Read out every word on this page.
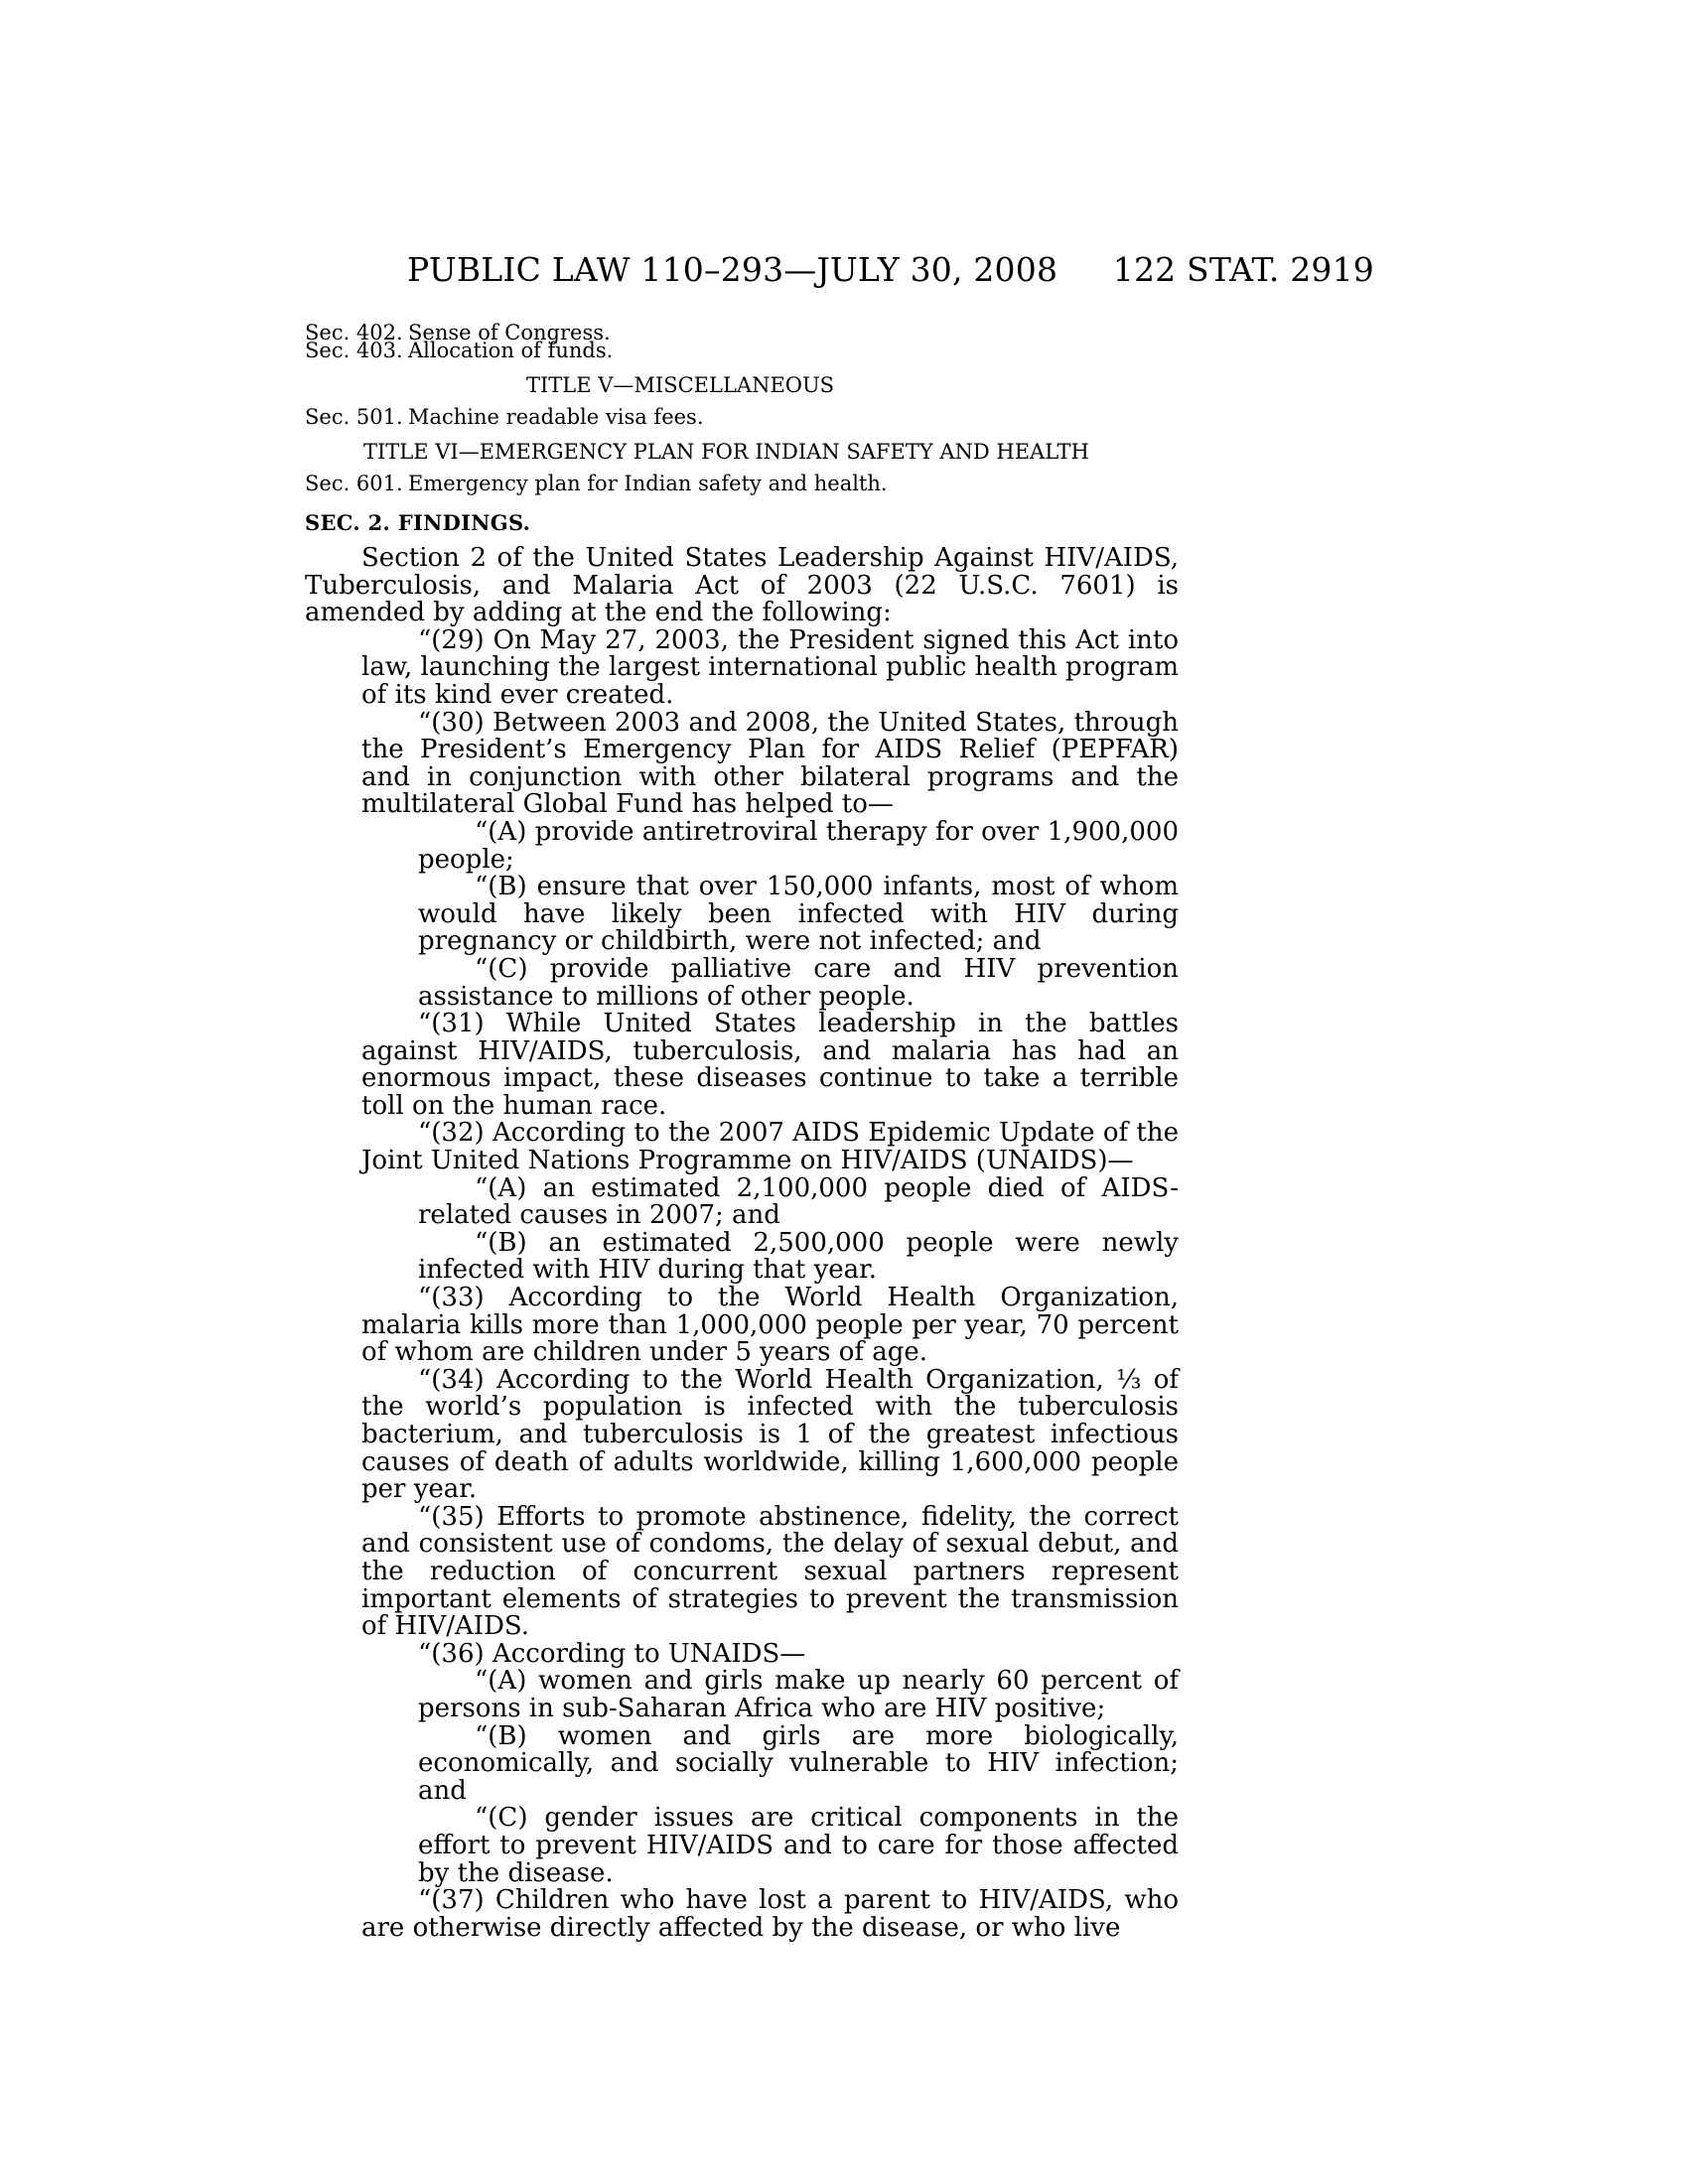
PUBLIC LAW 110–293—JULY 30, 2008 122 STAT. 2919
Sec. 402. Sense of Congress.
Sec. 403. Allocation of funds.
TITLE V—MISCELLANEOUS
Sec. 501. Machine readable visa fees.
TITLE VI—EMERGENCY PLAN FOR INDIAN SAFETY AND HEALTH
Sec. 601. Emergency plan for Indian safety and health.
SEC. 2. FINDINGS.

Section 2 of the United States Leadership Against HIV/AIDS, Tuberculosis, and Malaria Act of 2003 (22 U.S.C. 7601) is amended by adding at the end the following:

“(29) On May 27, 2003, the President signed this Act into law, launching the largest international public health program of its kind ever created.

“(30) Between 2003 and 2008, the United States, through the President’s Emergency Plan for AIDS Relief (PEPFAR) and in conjunction with other bilateral programs and the multilateral Global Fund has helped to—

“(A) provide antiretroviral therapy for over 1,900,000 people;

“(B) ensure that over 150,000 infants, most of whom would have likely been infected with HIV during pregnancy or childbirth, were not infected; and

“(C) provide palliative care and HIV prevention assistance to millions of other people.

“(31) While United States leadership in the battles against HIV/AIDS, tuberculosis, and malaria has had an enormous impact, these diseases continue to take a terrible toll on the human race.

“(32) According to the 2007 AIDS Epidemic Update of the Joint United Nations Programme on HIV/AIDS (UNAIDS)—

“(A) an estimated 2,100,000 people died of AIDS-related causes in 2007; and

“(B) an estimated 2,500,000 people were newly infected with HIV during that year.

“(33) According to the World Health Organization, malaria kills more than 1,000,000 people per year, 70 percent of whom are children under 5 years of age.

“(34) According to the World Health Organization, ⅓ of the world’s population is infected with the tuberculosis bacterium, and tuberculosis is 1 of the greatest infectious causes of death of adults worldwide, killing 1,600,000 people per year.

“(35) Efforts to promote abstinence, fidelity, the correct and consistent use of condoms, the delay of sexual debut, and the reduction of concurrent sexual partners represent important elements of strategies to prevent the transmission of HIV/AIDS.

“(36) According to UNAIDS—

“(A) women and girls make up nearly 60 percent of persons in sub-Saharan Africa who are HIV positive;

“(B) women and girls are more biologically, economically, and socially vulnerable to HIV infection; and

“(C) gender issues are critical components in the effort to prevent HIV/AIDS and to care for those affected by the disease.

“(37) Children who have lost a parent to HIV/AIDS, who are otherwise directly affected by the disease, or who live
